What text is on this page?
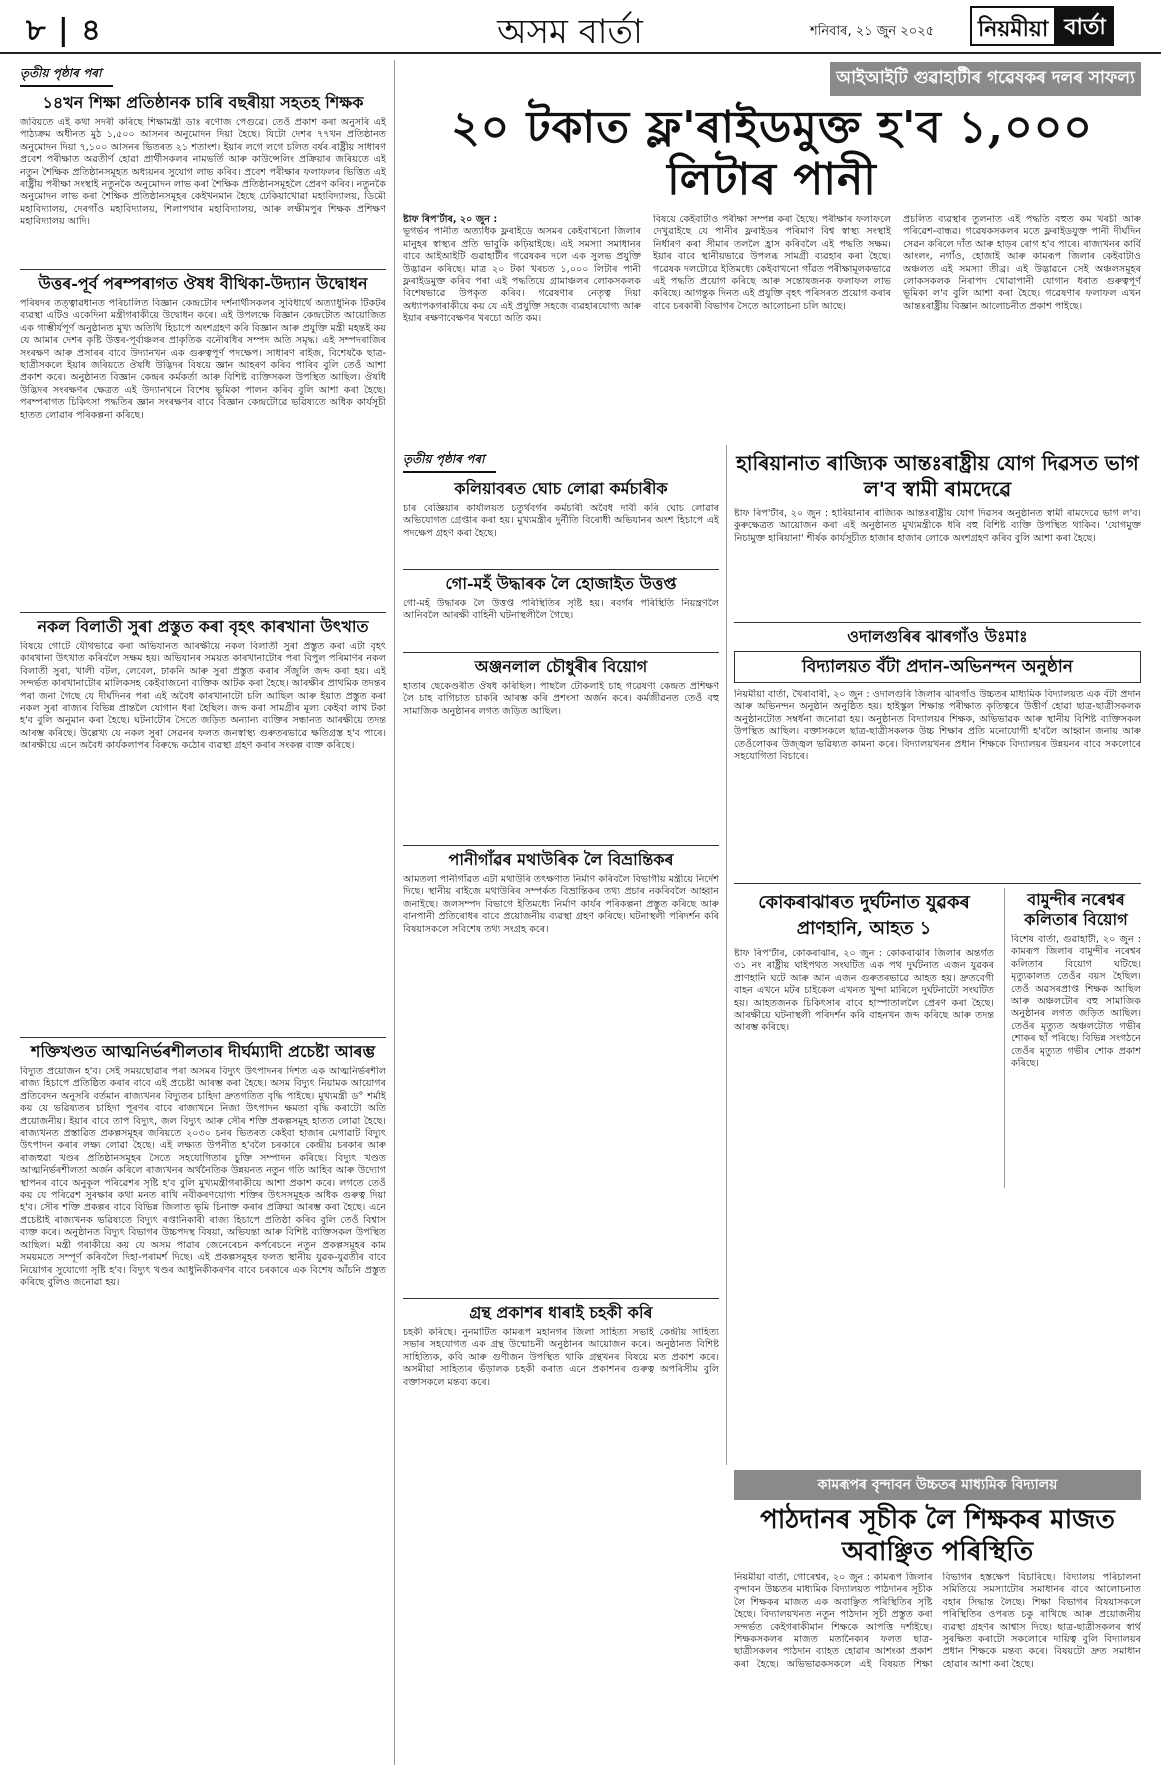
৮ | ৪	অসম বাৰ্তা	শনিবাৰ, ২১ জুন ২০২৫	নিয়মীয়া বাৰ্তা
তৃতীয় পৃষ্ঠাৰ পৰা
১৪খন শিক্ষা প্ৰতিষ্ঠানক চাৰি বছৰীয়া সহতহ শিক্ষক
জবিয়তে এই কথা সদৰী কৰিছে শিক্ষামন্ত্ৰী ডাঃ ৰণোজ পেগুৱে। তেওঁ প্ৰকাশ কৰা অনুসৰি এই পাঠ্যক্ৰম অধীনত মুঠ ১,৫০০ আসনৰ অনুমোদন দিয়া হৈছে। যিটো দেশৰ ৭৭খন প্ৰতিষ্ঠানত অনুমোদন দিয়া ৭,১০০ আসনৰ ভিতৰত ২১ শতাংশ। ইয়াৰ লগে লগে চলিত বৰ্ষৰ ৰাষ্ট্ৰীয় সাধাৰণ প্ৰবেশ পৰীক্ষাত অৱতীৰ্ণ হোৱা প্ৰাৰ্থীসকলৰ নামভৰ্তি আৰু কাউন্সেলিং প্ৰক্ৰিয়াৰ জৰিয়তে এই নতুন শৈক্ষিক প্ৰতিষ্ঠানসমূহত অধ্যয়নৰ সুযোগ লাভ কৰিব। প্ৰবেশ পৰীক্ষাৰ ফলাফলৰ ভিত্তিত এই ৰাষ্ট্ৰীয় পৰীক্ষা সংস্থাই নতুনকৈ অনুমোদন লাভ কৰা শৈক্ষিক প্ৰতিষ্ঠানসমূহলৈ প্ৰেৰণ কৰিব। নতুনকৈ অনুমোদন লাভ কৰা শৈক্ষিক প্ৰতিষ্ঠানসমূহৰ কেইখনমান হৈছে ঢেকিয়াখোৱা মহাবিদ্যালয়, ডিমৌ মহাবিদ্যালয়, দেৰগাঁও মহাবিদ্যালয়, শিলাপথাৰ মহাবিদ্যালয়, আৰু লক্ষীমপুৰ শিক্ষক প্ৰশিক্ষণ মহাবিদ্যালয় আদি।
উত্তৰ-পূৰ্ব পৰম্পৰাগত ঔষধ বীথিকা-উদ্যান উদ্বোধন
পৰিষদৰ তত্ত্বাৱধানত পৰিচালিত বিজ্ঞান কেন্দ্ৰটোৰ দৰ্শনাৰ্থীসকলৰ সুবিধাৰ্থে অত্যাধুনিক টিকটৰ ব্যৱস্থা এটিও একেদিনা মন্ত্ৰীগৰাকীয়ে উদ্বোধন কৰে। এই উপলক্ষে বিজ্ঞান কেন্দ্ৰটোত আয়োজিত এক গাম্ভীৰ্যপূৰ্ণ অনুষ্ঠানত মুখ্য অতিথি হিচাপে অংশগ্ৰহণ কৰি বিজ্ঞান আৰু প্ৰযুক্তি মন্ত্ৰী মহন্তই কয় যে আমাৰ দেশৰ কৃষ্টি উত্তৰ-পূৰ্বাঞ্চলৰ প্ৰাকৃতিক বনৌষধিৰ সম্পদ অতি সমৃদ্ধ। এই সম্পদৰাজিৰ সংৰক্ষণ আৰু প্ৰসাৰৰ বাবে উদ্যানখন এক গুৰুত্বপূৰ্ণ পদক্ষেপ। সাধাৰণ ৰাইজ, বিশেষকৈ ছাত্ৰ-ছাত্ৰীসকলে ইয়াৰ জৰিয়তে ঔষধি উদ্ভিদৰ বিষয়ে জ্ঞান আহৰণ কৰিব পাৰিব বুলি তেওঁ আশা প্ৰকাশ কৰে। অনুষ্ঠানত বিজ্ঞান কেন্দ্ৰৰ কৰ্মকৰ্তা আৰু বিশিষ্ট ব্যক্তিসকল উপস্থিত আছিল। ঔষধি উদ্ভিদৰ সংৰক্ষণৰ ক্ষেত্ৰত এই উদ্যানখনে বিশেষ ভূমিকা পালন কৰিব বুলি আশা কৰা হৈছে। পৰম্পৰাগত চিকিৎসা পদ্ধতিৰ জ্ঞান সংৰক্ষণৰ বাবে বিজ্ঞান কেন্দ্ৰটোৱে ভৱিষ্যতে অধিক কাৰ্যসূচী হাতত লোৱাৰ পৰিকল্পনা কৰিছে।
নকল বিলাতী সুৰা প্ৰস্তুত কৰা বৃহৎ কাৰখানা উৎখাত
বিষয়ে গোটে যৌথভাৱে কৰা অভিযানত আৰক্ষীয়ে নকল বিলাতী সুৰা প্ৰস্তুত কৰা এটা বৃহৎ কাৰখানা উৎখাত কৰিবলৈ সক্ষম হয়। অভিযানৰ সময়ত কাৰখানাটোৰ পৰা বিপুল পৰিমাণৰ নকল বিলাতী সুৰা, খালী বটল, লেবেল, ঢাকনি আৰু সুৰা প্ৰস্তুত কৰাৰ সঁজুলি জব্দ কৰা হয়। এই সন্দৰ্ভত কাৰখানাটোৰ মালিকসহ কেইবাজনো ব্যক্তিক আটক কৰা হৈছে। আৰক্ষীৰ প্ৰাথমিক তদন্তৰ পৰা জনা গৈছে যে দীৰ্ঘদিনৰ পৰা এই অবৈধ কাৰখানাটো চলি আছিল আৰু ইয়াত প্ৰস্তুত কৰা নকল সুৰা ৰাজ্যৰ বিভিন্ন প্ৰান্তলৈ যোগান ধৰা হৈছিল। জব্দ কৰা সামগ্ৰীৰ মূল্য কেইবা লাখ টকা হ'ব বুলি অনুমান কৰা হৈছে। ঘটনাটোৰ সৈতে জড়িত অন্যান্য ব্যক্তিৰ সন্ধানত আৰক্ষীয়ে তদন্ত আৰম্ভ কৰিছে। উল্লেখ্য যে নকল সুৰা সেৱনৰ ফলত জনস্বাস্থ্য গুৰুতৰভাৱে ক্ষতিগ্ৰস্ত হ'ব পাৰে। আৰক্ষীয়ে এনে অবৈধ কাৰ্যকলাপৰ বিৰুদ্ধে কঠোৰ ব্যৱস্থা গ্ৰহণ কৰাৰ সংকল্প ব্যক্ত কৰিছে।
শক্তিখণ্ডত আত্মনিৰ্ভৰশীলতাৰ দীৰ্ঘম্যাদী প্ৰচেষ্টা আৰম্ভ
বিদ্যুত প্ৰয়োজন হ'ব। সেই সময়ছোৱাৰ পৰা অসমৰ বিদ্যুৎ উৎপাদনৰ দিশত এক আত্মনিৰ্ভৰশীল ৰাজ্য হিচাপে প্ৰতিষ্ঠিত কৰাৰ বাবে এই প্ৰচেষ্টা আৰম্ভ কৰা হৈছে। অসম বিদ্যুৎ নিয়ামক আয়োগৰ প্ৰতিবেদন অনুসৰি বৰ্তমান ৰাজ্যখনৰ বিদ্যুতৰ চাহিদা দ্ৰুতগতিত বৃদ্ধি পাইছে। মুখ্যমন্ত্ৰী ড° শৰ্মাই কয় যে ভৱিষ্যতৰ চাহিদা পূৰণৰ বাবে ৰাজ্যখনে নিজা উৎপাদন ক্ষমতা বৃদ্ধি কৰাটো অতি প্ৰয়োজনীয়। ইয়াৰ বাবে তাপ বিদ্যুৎ, জল বিদ্যুৎ আৰু সৌৰ শক্তি প্ৰকল্পসমূহ হাতত লোৱা হৈছে। ৰাজ্যখনত প্ৰস্তাৱিত প্ৰকল্পসমূহৰ জৰিয়তে ২০৩০ চনৰ ভিতৰত কেইবা হাজাৰ মেগাৱাট বিদ্যুৎ উৎপাদন কৰাৰ লক্ষ্য লোৱা হৈছে। এই লক্ষ্যত উপনীত হ'বলৈ চৰকাৰে কেন্দ্ৰীয় চৰকাৰ আৰু ৰাজহুৱা খণ্ডৰ প্ৰতিষ্ঠানসমূহৰ সৈতে সহযোগিতাৰ চুক্তি সম্পাদন কৰিছে। বিদ্যুৎ খণ্ডত আত্মনিৰ্ভৰশীলতা অৰ্জন কৰিলে ৰাজ্যখনৰ অৰ্থনৈতিক উন্নয়নত নতুন গতি আহিব আৰু উদ্যোগ স্থাপনৰ বাবে অনুকূল পৰিৱেশৰ সৃষ্টি হ'ব বুলি মুখ্যমন্ত্ৰীগৰাকীয়ে আশা প্ৰকাশ কৰে। লগতে তেওঁ কয় যে পৰিৱেশ সুৰক্ষাৰ কথা মনত ৰাখি নবীকৰণযোগ্য শক্তিৰ উৎসসমূহক অধিক গুৰুত্ব দিয়া হ'ব। সৌৰ শক্তি প্ৰকল্পৰ বাবে বিভিন্ন জিলাত ভূমি চিনাক্ত কৰাৰ প্ৰক্ৰিয়া আৰম্ভ কৰা হৈছে। এনে প্ৰচেষ্টাই ৰাজ্যখনক ভৱিষ্যতে বিদ্যুৎ ৰপ্তানিকাৰী ৰাজ্য হিচাপে প্ৰতিষ্ঠা কৰিব বুলি তেওঁ বিশ্বাস ব্যক্ত কৰে। অনুষ্ঠানত বিদ্যুৎ বিভাগৰ উচ্চপদস্থ বিষয়া, অভিযন্তা আৰু বিশিষ্ট ব্যক্তিসকল উপস্থিত আছিল। মন্ত্ৰী গৰাকীয়ে কয় যে অসম পাৱাৰ জেনেৰেচন কৰ্পৰেচনে নতুন প্ৰকল্পসমূহৰ কাম সময়মতে সম্পূৰ্ণ কৰিবলৈ দিহা-পৰামৰ্শ দিছে। এই প্ৰকল্পসমূহৰ ফলত স্থানীয় যুৱক-যুৱতীৰ বাবে নিয়োগৰ সুযোগো সৃষ্টি হ'ব। বিদ্যুৎ খণ্ডৰ আধুনিকীকৰণৰ বাবে চৰকাৰে এক বিশেষ আঁচনি প্ৰস্তুত কৰিছে বুলিও জনোৱা হয়।
আইআইটি গুৱাহাটীৰ গৱেষকৰ দলৰ সাফল্য
২০ টকাত ফ্ল'ৰাইডমুক্ত হ'ব ১,০০০ লিটাৰ পানী
ষ্টাফ ৰিপ'ৰ্টাৰ, ২০ জুন :
ভূগৰ্ভৰ পানীত অত্যধিক ফ্লৰাইডে অসমৰ কেইবাখনো জিলাৰ মানুহৰ স্বাস্থ্যৰ প্ৰতি ভাবুকি কঢ়িয়াইছে। এই সমস্যা সমাধানৰ বাবে আইআইটি গুৱাহাটীৰ গৱেষকৰ দলে এক সুলভ প্ৰযুক্তি উদ্ভাৱন কৰিছে। মাত্ৰ ২০ টকা খৰচত ১,০০০ লিটাৰ পানী ফ্লৰাইডমুক্ত কৰিব পৰা এই পদ্ধতিয়ে গ্ৰামাঞ্চলৰ লোকসকলক বিশেষভাৱে উপকৃত কৰিব। গৱেষণাৰ নেতৃত্ব দিয়া অধ্যাপকগৰাকীয়ে কয় যে এই প্ৰযুক্তি সহজে ব্যৱহাৰযোগ্য আৰু ইয়াৰ ৰক্ষণাবেক্ষণৰ খৰচো অতি কম।
বিষয়ে কেইবাটাও পৰীক্ষা সম্পন্ন কৰা হৈছে। পৰীক্ষাৰ ফলাফলে দেখুৱাইছে যে পানীৰ ফ্লৰাইডৰ পৰিমাণ বিশ্ব স্বাস্থ্য সংস্থাই নিৰ্ধাৰণ কৰা সীমাৰ তললৈ হ্ৰাস কৰিবলৈ এই পদ্ধতি সক্ষম। ইয়াৰ বাবে স্থানীয়ভাৱে উপলব্ধ সামগ্ৰী ব্যৱহাৰ কৰা হৈছে। গৱেষক দলটোৱে ইতিমধ্যে কেইবাখনো গাঁৱত পৰীক্ষামূলকভাৱে এই পদ্ধতি প্ৰয়োগ কৰিছে আৰু সন্তোষজনক ফলাফল লাভ কৰিছে। আগন্তুক দিনত এই প্ৰযুক্তি বৃহৎ পৰিসৰত প্ৰয়োগ কৰাৰ বাবে চৰকাৰী বিভাগৰ সৈতে আলোচনা চলি আছে।
প্ৰচলিত ব্যৱস্থাৰ তুলনাত এই পদ্ধতি বহুত কম খৰচী আৰু পৰিৱেশ-বান্ধৱ। গৱেষকসকলৰ মতে ফ্লৰাইডযুক্ত পানী দীৰ্ঘদিন সেৱন কৰিলে দাঁত আৰু হাড়ৰ ৰোগ হ'ব পাৰে। ৰাজ্যখনৰ কাৰ্বি আংলং, নগাঁও, হোজাই আৰু কামৰূপ জিলাৰ কেইবাটাও অঞ্চলত এই সমস্যা তীব্ৰ। এই উদ্ভাৱনে সেই অঞ্চলসমূহৰ লোকসকলক নিৰাপদ খোৱাপানী যোগান ধৰাত গুৰুত্বপূৰ্ণ ভূমিকা ল'ব বুলি আশা কৰা হৈছে। গৱেষণাৰ ফলাফল এখন আন্তঃৰাষ্ট্ৰীয় বিজ্ঞান আলোচনীত প্ৰকাশ পাইছে।
তৃতীয় পৃষ্ঠাৰ পৰা
কলিয়াবৰত ঘোচ লোৱা কৰ্মচাৰীক
চাৰ বেজ্ঞিয়াৰ কাৰ্যালয়ত চতুৰ্থবৰ্গৰ কৰ্মচাৰী অবৈধ দাবী কৰি ঘোচ লোৱাৰ অভিযোগত গ্ৰেপ্তাৰ কৰা হয়। মুখ্যমন্ত্ৰীৰ দুৰ্নীতি বিৰোধী অভিযানৰ অংশ হিচাপে এই পদক্ষেপ গ্ৰহণ কৰা হৈছে।
গো-মহঁ উদ্ধাৰক লৈ হোজাইত উত্তপ্ত
গো-মহঁ উদ্ধাৰক লৈ উত্তপ্ত পৰিস্থিতিৰ সৃষ্টি হয়। ৰবৰ্গৰ পৰিস্থিতি নিয়ন্ত্ৰণলৈ আনিবলৈ আৰক্ষী বাহিনী ঘটনাস্থলীলৈ গৈছে।
অঞ্জনলাল চৌধুৰীৰ বিয়োগ
হাতাৰ ছেকেণ্ডৰীত ঔষধ কৰিছিল। পাছলৈ টোকলাই চাহ গৱেষণা কেন্দ্ৰত প্ৰশিক্ষণ লৈ চাহ বাগিচাত চাকৰি আৰম্ভ কৰি প্ৰশংসা অৰ্জন কৰে। কৰ্মজীৱনত তেওঁ বহু সামাজিক অনুষ্ঠানৰ লগত জড়িত আছিল।
পানীগাঁৱৰ মথাউৰিক লৈ বিভ্ৰান্তিকৰ
আমতলা পানীগাঁৱত এটা মথাউৰি তৎক্ষণাত নিৰ্মাণ কৰিবলৈ বিভাগীয় মন্ত্ৰীয়ে নিৰ্দেশ দিছে। স্থানীয় ৰাইজে মথাউৰিৰ সম্পৰ্কত বিভ্ৰান্তিকৰ তথ্য প্ৰচাৰ নকৰিবলৈ আহ্বান জনাইছে। জলসম্পদ বিভাগে ইতিমধ্যে নিৰ্মাণ কাৰ্যৰ পৰিকল্পনা প্ৰস্তুত কৰিছে আৰু বানপানী প্ৰতিৰোধৰ বাবে প্ৰয়োজনীয় ব্যৱস্থা গ্ৰহণ কৰিছে। ঘটনাস্থলী পৰিদৰ্শন কৰি বিষয়াসকলে সবিশেষ তথ্য সংগ্ৰহ কৰে।
গ্ৰন্থ প্ৰকাশৰ ধাৰাই চহকী কৰি
চহকী কৰিছে। নুনমাটিত কামৰূপ মহানগৰ জিলা সাহিত্য সভাই কেন্দ্ৰীয় সাহিত্য সভাৰ সহযোগত এক গ্ৰন্থ উন্মোচনী অনুষ্ঠানৰ আয়োজন কৰে। অনুষ্ঠানত বিশিষ্ট সাহিত্যিক, কবি আৰু গুণীজন উপস্থিত থাকি গ্ৰন্থখনৰ বিষয়ে মত প্ৰকাশ কৰে। অসমীয়া সাহিত্যৰ ভঁড়ালক চহকী কৰাত এনে প্ৰকাশনৰ গুৰুত্ব অপৰিসীম বুলি বক্তাসকলে মন্তব্য কৰে।
হাৰিয়ানাত ৰাজ্যিক আন্তঃৰাষ্ট্ৰীয় যোগ দিৱসত ভাগ ল'ব স্বামী ৰামদেৱে
ষ্টাফ ৰিপ'ৰ্টাৰ, ২০ জুন : হাৰিয়ানাৰ ৰাজ্যিক আন্তঃৰাষ্ট্ৰীয় যোগ দিৱসৰ অনুষ্ঠানত স্বামী ৰামদেৱে ভাগ ল'ব। কুৰুক্ষেত্ৰত আয়োজন কৰা এই অনুষ্ঠানত মুখ্যমন্ত্ৰীকে ধৰি বহু বিশিষ্ট ব্যক্তি উপস্থিত থাকিব। 'যোগমুক্ত নিচামুক্ত হাৰিয়ানা' শীৰ্ষক কাৰ্যসূচীত হাজাৰ হাজাৰ লোকে অংশগ্ৰহণ কৰিব বুলি আশা কৰা হৈছে।
ওদালগুৰিৰ ঝাৰগাঁও উঃমাঃ
বিদ্যালয়ত বঁটা প্ৰদান-অভিনন্দন অনুষ্ঠান
নিয়মীয়া বাৰ্তা, খৈৰাবাৰী, ২০ জুন : ওদালগুৰি জিলাৰ ঝাৰগাঁও উচ্চতৰ মাধ্যমিক বিদ্যালয়ত এক বঁটা প্ৰদান আৰু অভিনন্দন অনুষ্ঠান অনুষ্ঠিত হয়। হাইস্কুল শিক্ষান্ত পৰীক্ষাত কৃতিত্বৰে উত্তীৰ্ণ হোৱা ছাত্ৰ-ছাত্ৰীসকলক অনুষ্ঠানটোত সম্বৰ্ধনা জনোৱা হয়। অনুষ্ঠানত বিদ্যালয়ৰ শিক্ষক, অভিভাৱক আৰু স্থানীয় বিশিষ্ট ব্যক্তিসকল উপস্থিত আছিল। বক্তাসকলে ছাত্ৰ-ছাত্ৰীসকলক উচ্চ শিক্ষাৰ প্ৰতি মনোযোগী হ'বলৈ আহ্বান জনায় আৰু তেওঁলোকৰ উজ্জ্বল ভৱিষ্যত কামনা কৰে। বিদ্যালয়খনৰ প্ৰধান শিক্ষকে বিদ্যালয়ৰ উন্নয়নৰ বাবে সকলোৰে সহযোগিতা বিচাৰে।
কোকৰাঝাৰত দুৰ্ঘটনাত যুৱকৰ প্ৰাণহানি, আহত ১
ষ্টাফ ৰিপ'ৰ্টাৰ, কোকৰাঝাৰ, ২০ জুন : কোকৰাঝাৰ জিলাৰ অন্তৰ্গত ৩১ নং ৰাষ্ট্ৰীয় ঘাইপথত সংঘটিত এক পথ দুৰ্ঘটনাত এজন যুৱকৰ প্ৰাণহানি ঘটে আৰু আন এজন গুৰুতৰভাৱে আহত হয়। দ্ৰুতবেগী বাহন এখনে মটৰ চাইকেল এখনত খুন্দা মাৰিলে দুৰ্ঘটনাটো সংঘটিত হয়। আহতজনক চিকিৎসাৰ বাবে হাস্পাতাললৈ প্ৰেৰণ কৰা হৈছে। আৰক্ষীয়ে ঘটনাস্থলী পৰিদৰ্শন কৰি বাহনখন জব্দ কৰিছে আৰু তদন্ত আৰম্ভ কৰিছে।
বামুন্দীৰ নৰেশ্বৰ কলিতাৰ বিয়োগ
বিশেষ বাৰ্তা, গুৱাহাটী, ২০ জুন : কামৰূপ জিলাৰ বামুন্দীৰ নৰেশ্বৰ কলিতাৰ বিয়োগ ঘটিছে। মৃত্যুকালত তেওঁৰ বয়স হৈছিল। তেওঁ অৱসৰপ্ৰাপ্ত শিক্ষক আছিল আৰু অঞ্চলটোৰ বহু সামাজিক অনুষ্ঠানৰ লগত জড়িত আছিল। তেওঁৰ মৃত্যুত অঞ্চলটোত গভীৰ শোকৰ ছাঁ পৰিছে। বিভিন্ন সংগঠনে তেওঁৰ মৃত্যুত গভীৰ শোক প্ৰকাশ কৰিছে।
কামৰূপৰ বৃন্দাবন উচ্চতৰ মাধ্যমিক বিদ্যালয়
পাঠদানৰ সূচীক লৈ শিক্ষকৰ মাজত অবাঞ্ছিত পৰিস্থিতি
নিয়মীয়া বাৰ্তা, গোৰেশ্বৰ, ২০ জুন : কামৰূপ জিলাৰ বৃন্দাবন উচ্চতৰ মাধ্যমিক বিদ্যালয়ত পাঠদানৰ সূচীক লৈ শিক্ষকৰ মাজত এক অবাঞ্ছিত পৰিস্থিতিৰ সৃষ্টি হৈছে। বিদ্যালয়খনত নতুন পাঠদান সূচী প্ৰস্তুত কৰা সন্দৰ্ভত কেইগৰাকীমান শিক্ষকে আপত্তি দৰ্শাইছে। শিক্ষকসকলৰ মাজত মতানৈক্যৰ ফলত ছাত্ৰ-ছাত্ৰীসকলৰ পাঠদান ব্যাহত হোৱাৰ আশংকা প্ৰকাশ কৰা হৈছে। অভিভাৱকসকলে এই বিষয়ত শিক্ষা বিভাগৰ হস্তক্ষেপ বিচাৰিছে। বিদ্যালয় পৰিচালনা সমিতিয়ে সমস্যাটোৰ সমাধানৰ বাবে আলোচনাত বহাৰ সিদ্ধান্ত লৈছে। শিক্ষা বিভাগৰ বিষয়াসকলে পৰিস্থিতিৰ ওপৰত চকু ৰাখিছে আৰু প্ৰয়োজনীয় ব্যৱস্থা গ্ৰহণৰ আশ্বাস দিছে। ছাত্ৰ-ছাত্ৰীসকলৰ স্বাৰ্থ সুৰক্ষিত কৰাটো সকলোৰে দায়িত্ব বুলি বিদ্যালয়ৰ প্ৰধান শিক্ষকে মন্তব্য কৰে। বিষয়টো দ্ৰুত সমাধান হোৱাৰ আশা কৰা হৈছে।
